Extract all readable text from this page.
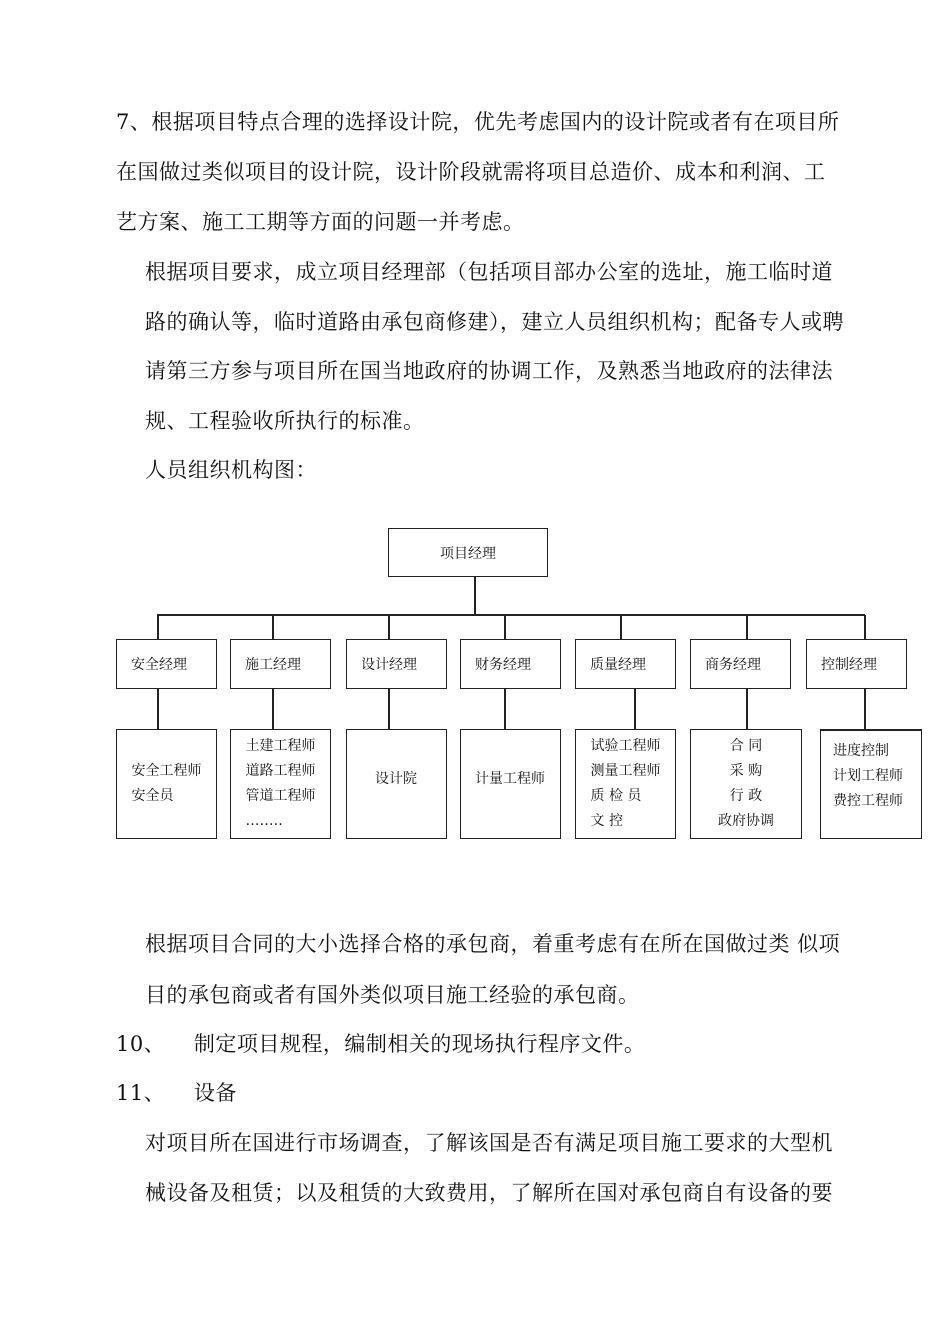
7、根据项目特点合理的选择设计院，优先考虑国内的设计院或者有在项目所
在国做过类似项目的设计院，设计阶段就需将项目总造价、成本和利润、工
艺方案、施工工期等方面的问题一并考虑。
根据项目要求，成立项目经理部（包括项目部办公室的选址，施工临时道
路的确认等，临时道路由承包商修建），建立人员组织机构；配备专人或聘
请第三方参与项目所在国当地政府的协调工作，及熟悉当地政府的法律法
规、工程验收所执行的标准。
人员组织机构图：
项目经理
安全经理	施工经理	设计经理	财务经理	质量经理	商务经理	控制经理
安全工程师
安全员
土建工程师
道路工程师
管道工程师
……‥
设计院	计量工程师
试验工程师
测量工程师
质 检 员
文 控
合 同
采 购
行 政
政府协调
进度控制
计划工程师
费控工程师
根据项目合同的大小选择合格的承包商，着重考虑有在所在国做过类 似项
目的承包商或者有国外类似项目施工经验的承包商。
10、    制定项目规程，编制相关的现场执行程序文件。
11、    设备
对项目所在国进行市场调查，了解该国是否有满足项目施工要求的大型机
械设备及租赁；以及租赁的大致费用，了解所在国对承包商自有设备的要
